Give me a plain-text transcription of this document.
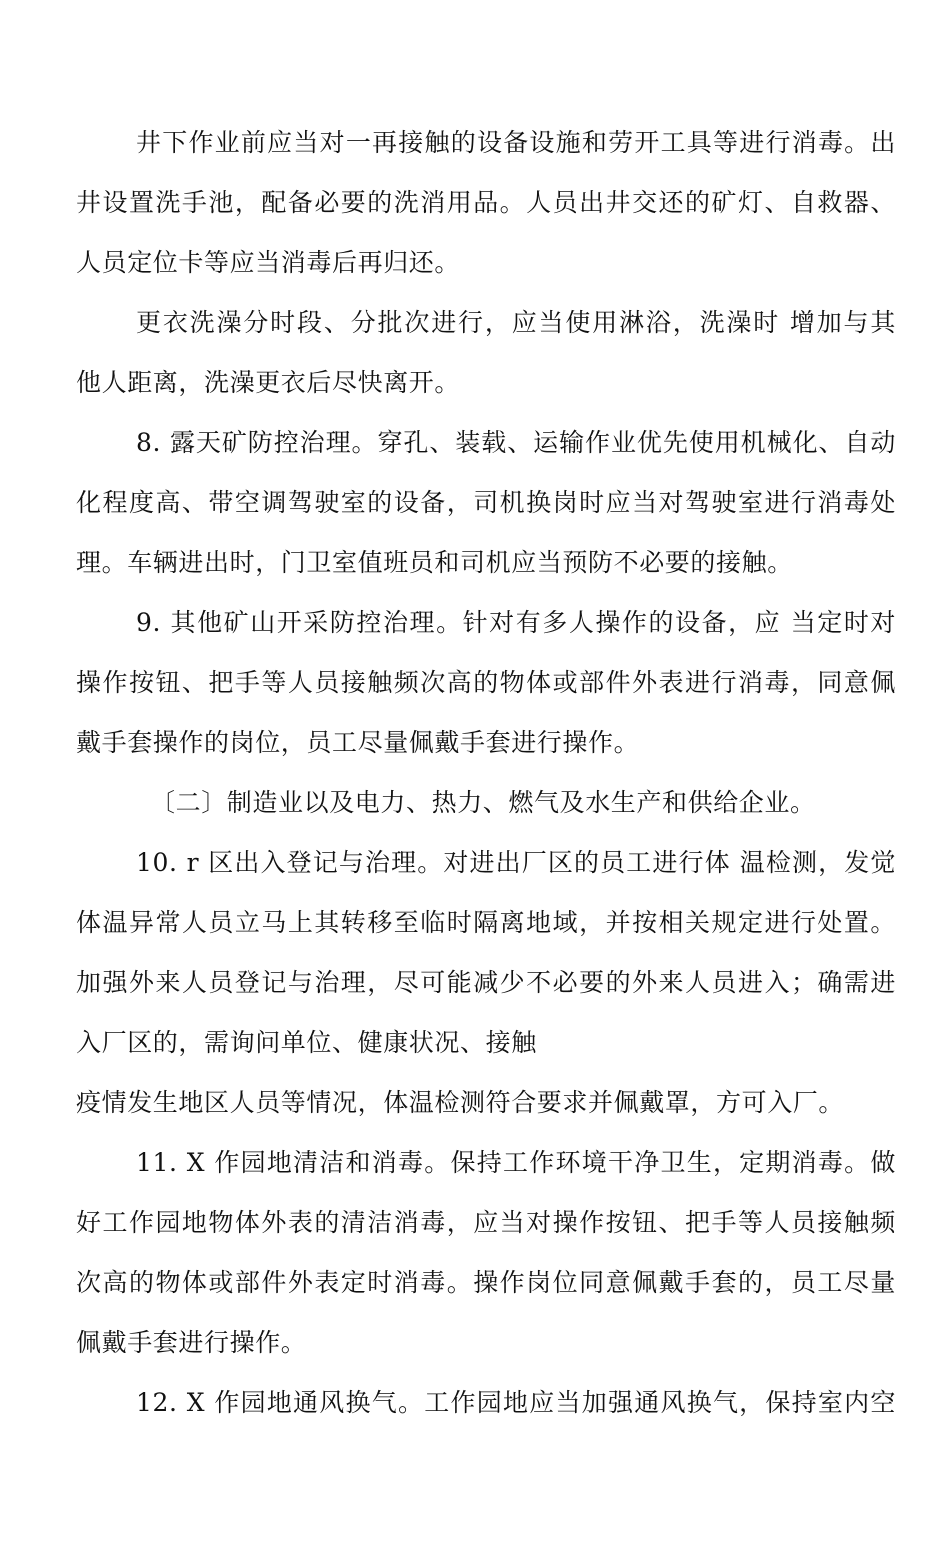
井下作业前应当对一再接触的设备设施和劳开工具等进行消毒。出
井设置洗手池，配备必要的洗消用品。人员出井交还的矿灯、自救器、
人员定位卡等应当消毒后再归还。
更衣洗澡分时段、分批次进行，应当使用淋浴，洗澡时 增加与其
他人距离，洗澡更衣后尽快离开。
8. 露天矿防控治理。穿孔、装载、运输作业优先使用机械化、自动
化程度高、带空调驾驶室的设备，司机换岗时应当对驾驶室进行消毒处
理。车辆进出时，门卫室值班员和司机应当预防不必要的接触。
9. 其他矿山开采防控治理。针对有多人操作的设备，应 当定时对
操作按钮、把手等人员接触频次高的物体或部件外表进行消毒，同意佩
戴手套操作的岗位，员工尽量佩戴手套进行操作。
〔二〕制造业以及电力、热力、燃气及水生产和供给企业。
10. r 区出入登记与治理。对进出厂区的员工进行体 温检测，发觉
体温异常人员立马上其转移至临时隔离地域，并按相关规定进行处置。
加强外来人员登记与治理，尽可能减少不必要的外来人员进入；确需进
入厂区的，需询问单位、健康状况、接触
疫情发生地区人员等情况，体温检测符合要求并佩戴罩，方可入厂。
11. X 作园地清洁和消毒。保持工作环境干净卫生，定期消毒。做
好工作园地物体外表的清洁消毒，应当对操作按钮、把手等人员接触频
次高的物体或部件外表定时消毒。操作岗位同意佩戴手套的，员工尽量
佩戴手套进行操作。
12. X 作园地通风换气。工作园地应当加强通风换气，保持室内空
